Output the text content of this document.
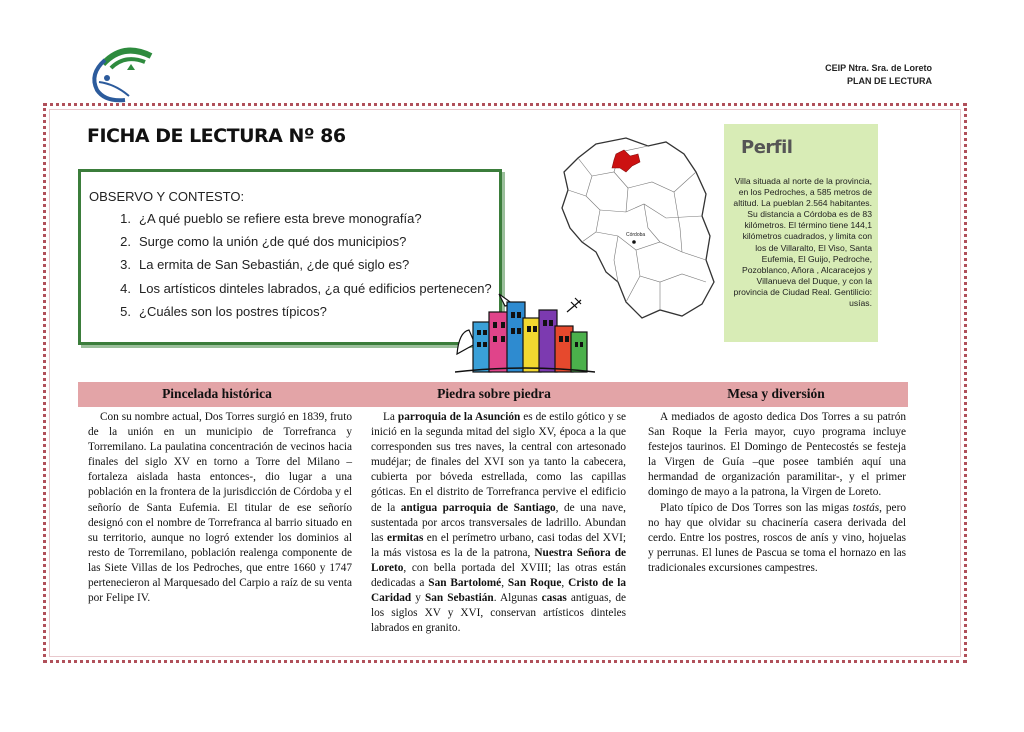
CEIP Ntra. Sra. de Loreto
PLAN DE LECTURA
FICHA DE LECTURA Nº 86
OBSERVO Y CONTESTO:
1. ¿A qué pueblo se refiere esta breve monografía?
2. Surge como la unión ¿de qué dos municipios?
3. La ermita de San Sebastián, ¿de qué siglo es?
4. Los artísticos dinteles labrados, ¿a qué edificios pertenecen?
5. ¿Cuáles son los postres típicos?
Córdoba
Perfil
Villa situada al norte de la provincia, en los Pedroches, a 585 metros de altitud. La pueblan 2.564 habitantes. Su distancia a Córdoba es de 83 kilómetros. El término tiene 144,1 kilómetros cuadrados, y limita con los de Villaralto, El Viso, Santa Eufemia, El Guijo, Pedroche, Pozoblanco, Añora , Alcaracejos y Villanueva del Duque, y con la provincia de Ciudad Real. Gentilicio: usías.
Pincelada histórica	Piedra sobre piedra	Mesa y diversión

Con su nombre actual, Dos Torres surgió en 1839, fruto de la unión en un municipio de Torrefranca y Torremilano. La paulatina concentración de vecinos hacia finales del siglo XV en torno a Torre del Milano –fortaleza aislada hasta entonces-, dio lugar a una población en la frontera de la jurisdicción de Córdoba y el señorío de Santa Eufemia. El titular de ese señorío designó con el nombre de Torrefranca al barrio situado en su territorio, aunque no logró extender los dominios al resto de Torremilano, población realenga componente de las Siete Villas de los Pedroches, que entre 1660 y 1747 pertenecieron al Marquesado del Carpio a raíz de su venta por Felipe IV.

La parroquia de la Asunción es de estilo gótico y se inició en la segunda mitad del siglo XV, época a la que corresponden sus tres naves, la central con artesonado mudéjar; de finales del XVI son ya tanto la cabecera, cubierta por bóveda estrellada, como las capillas góticas. En el distrito de Torrefranca pervive el edificio de la antigua parroquia de Santiago, de una nave, sustentada por arcos transversales de ladrillo. Abundan las ermitas en el perímetro urbano, casi todas del XVI; la más vistosa es la de la patrona, Nuestra Señora de Loreto, con bella portada del XVIII; las otras están dedicadas a San Bartolomé, San Roque, Cristo de la Caridad y San Sebastián. Algunas casas antiguas, de los siglos XV y XVI, conservan artísticos dinteles labrados en granito.

A mediados de agosto dedica Dos Torres a su patrón San Roque la Feria mayor, cuyo programa incluye festejos taurinos. El Domingo de Pentecostés se festeja la Virgen de Guía –que posee también aquí una hermandad de organización paramilitar-, y el primer domingo de mayo a la patrona, la Virgen de Loreto.

Plato típico de Dos Torres son las migas tostás, pero no hay que olvidar su chacinería casera derivada del cerdo. Entre los postres, roscos de anís y vino, hojuelas y perrunas. El lunes de Pascua se toma el hornazo en las tradicionales excursiones campestres.
